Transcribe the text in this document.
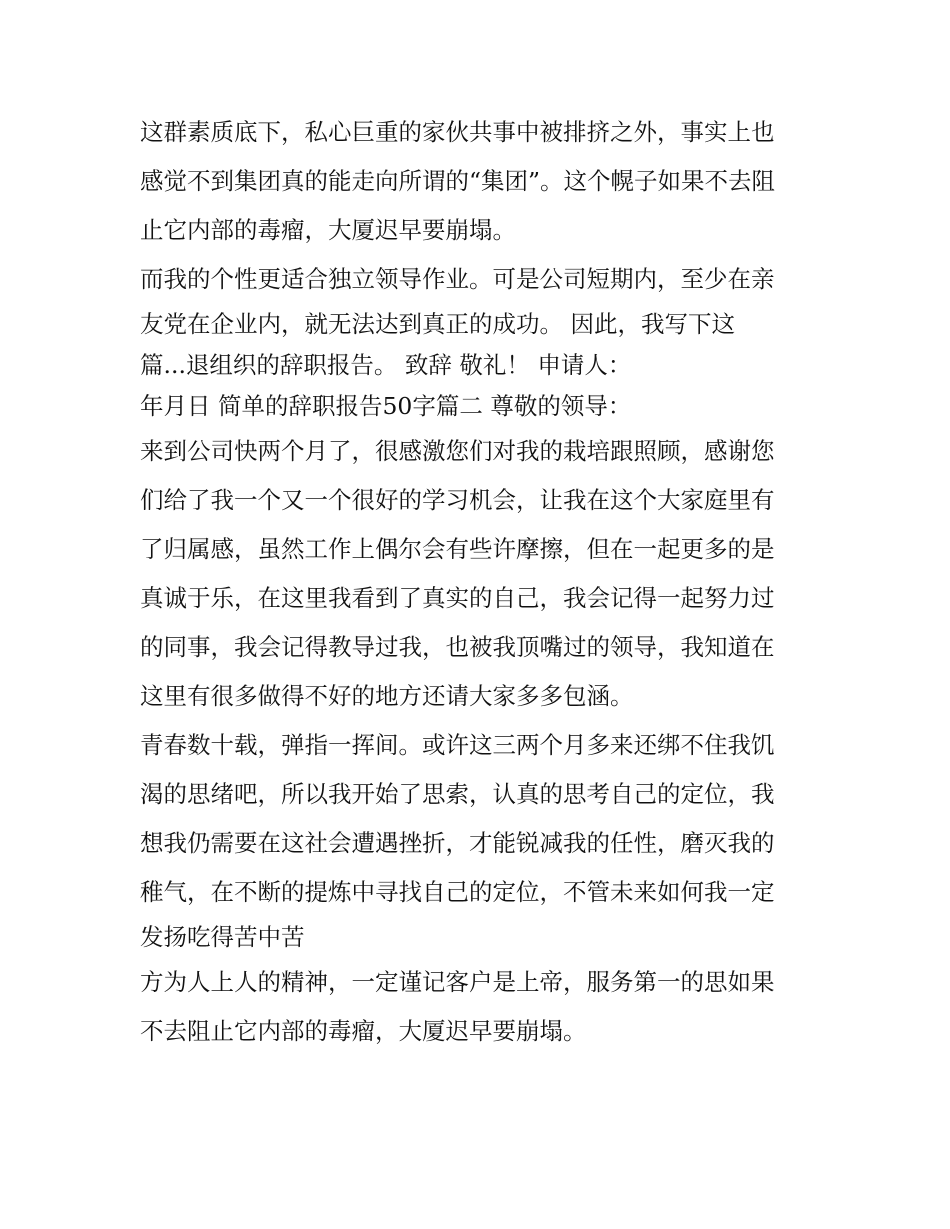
这群素质底下，私心巨重的家伙共事中被排挤之外，事实上也
感觉不到集团真的能走向所谓的“集团”。这个幌子如果不去阻
止它内部的毒瘤，大厦迟早要崩塌。
而我的个性更适合独立领导作业。可是公司短期内，至少在亲
友党在企业内，就无法达到真正的成功。 因此，我写下这
篇...退组织的辞职报告。 致辞 敬礼！ 申请人：
年月日 简单的辞职报告50字篇二 尊敬的领导：
来到公司快两个月了，很感激您们对我的栽培跟照顾，感谢您
们给了我一个又一个很好的学习机会，让我在这个大家庭里有
了归属感，虽然工作上偶尔会有些许摩擦，但在一起更多的是
真诚于乐，在这里我看到了真实的自己，我会记得一起努力过
的同事，我会记得教导过我，也被我顶嘴过的领导，我知道在
这里有很多做得不好的地方还请大家多多包涵。
青春数十载，弹指一挥间。或许这三两个月多来还绑不住我饥
渴的思绪吧，所以我开始了思索，认真的思考自己的定位，我
想我仍需要在这社会遭遇挫折，才能锐减我的任性，磨灭我的
稚气，在不断的提炼中寻找自己的定位，不管未来如何我一定
发扬吃得苦中苦
方为人上人的精神，一定谨记客户是上帝，服务第一的思如果
不去阻止它内部的毒瘤，大厦迟早要崩塌。
